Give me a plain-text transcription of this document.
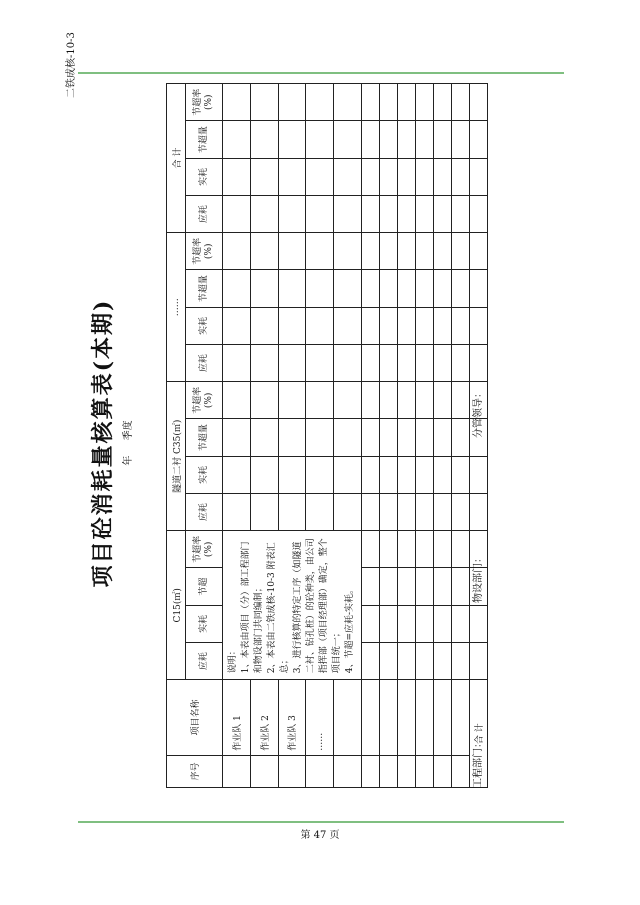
二铁成核-10-3
项目砼消耗量核算表(本期) 年 季度
序号	项目名称	C15(㎡)				隧道二衬 C35(㎡)				……				合 计			
		应耗	实耗	节超	节超率(%)	应耗	实耗	节超量	节超率(%)	应耗	实耗	节超量	节超率(%)	应耗	实耗	节超量	节超率(%)
	作业队 1	说明： 1、本表由项目（分）部工程部门和物设部门共同编制； 2、本表由二铁成核-10-3 附表汇总； 3、进行核算的特定工序（如隧道二衬、钻孔桩）的砼种类，由公司指挥部（项目经理部）确定，整个项目统一； 4、节超=应耗-实耗。															

	作业队 2																
	作业队 3																
	……																

合 计																	
工程部门：
物设部门：
分管领导：
第 47 页
